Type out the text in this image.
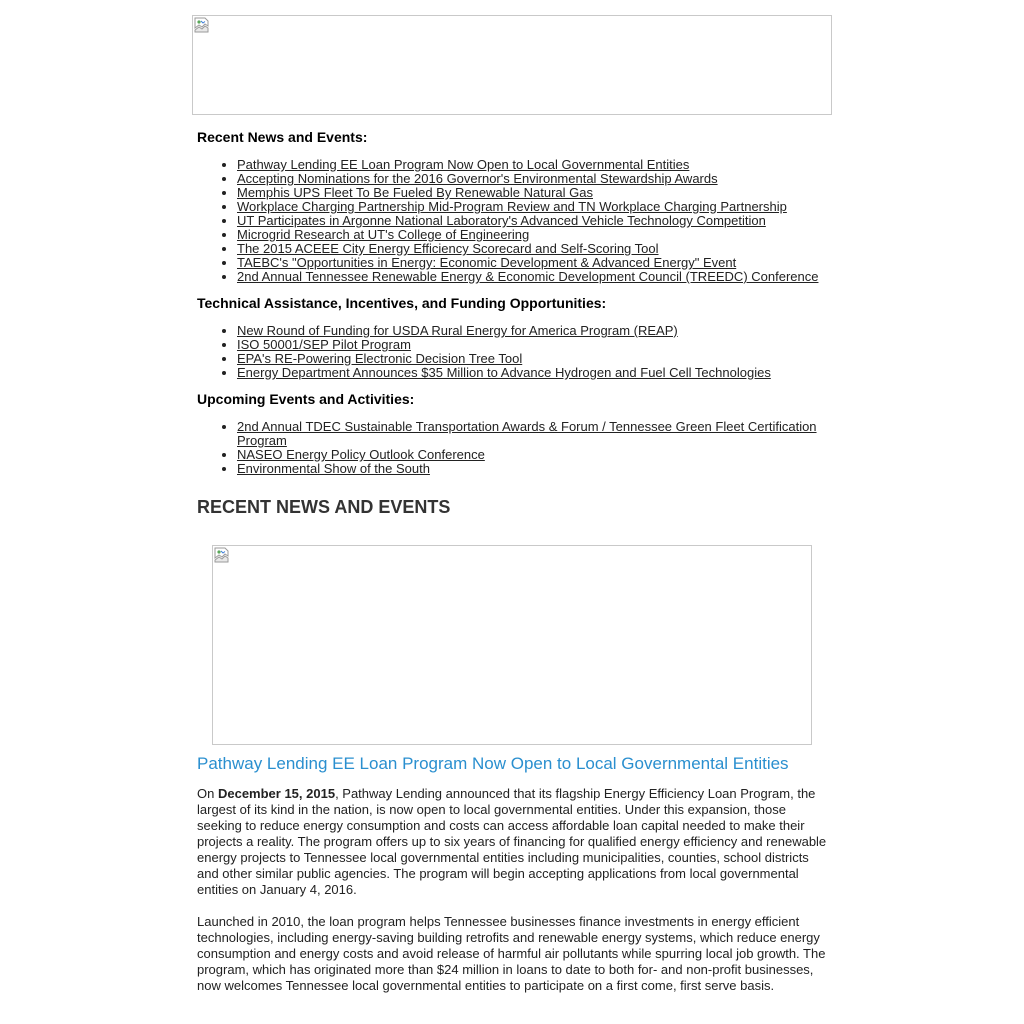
Recent News and Events:
• Pathway Lending EE Loan Program Now Open to Local Governmental Entities
• Accepting Nominations for the 2016 Governor's Environmental Stewardship Awards
• Memphis UPS Fleet To Be Fueled By Renewable Natural Gas
• Workplace Charging Partnership Mid-Program Review and TN Workplace Charging Partnership
• UT Participates in Argonne National Laboratory's Advanced Vehicle Technology Competition
• Microgrid Research at UT's College of Engineering
• The 2015 ACEEE City Energy Efficiency Scorecard and Self-Scoring Tool
• TAEBC's "Opportunities in Energy: Economic Development & Advanced Energy" Event
• 2nd Annual Tennessee Renewable Energy & Economic Development Council (TREEDC) Conference
Technical Assistance, Incentives, and Funding Opportunities:
• New Round of Funding for USDA Rural Energy for America Program (REAP)
• ISO 50001/SEP Pilot Program
• EPA's RE-Powering Electronic Decision Tree Tool
• Energy Department Announces $35 Million to Advance Hydrogen and Fuel Cell Technologies
Upcoming Events and Activities:
• 2nd Annual TDEC Sustainable Transportation Awards & Forum / Tennessee Green Fleet Certification Program
• NASEO Energy Policy Outlook Conference
• Environmental Show of the South
RECENT NEWS AND EVENTS
Pathway Lending EE Loan Program Now Open to Local Governmental Entities

On December 15, 2015, Pathway Lending announced that its flagship Energy Efficiency Loan Program, the largest of its kind in the nation, is now open to local governmental entities. Under this expansion, those seeking to reduce energy consumption and costs can access affordable loan capital needed to make their projects a reality. The program offers up to six years of financing for qualified energy efficiency and renewable energy projects to Tennessee local governmental entities including municipalities, counties, school districts and other similar public agencies. The program will begin accepting applications from local governmental entities on January 4, 2016.

Launched in 2010, the loan program helps Tennessee businesses finance investments in energy efficient technologies, including energy-saving building retrofits and renewable energy systems, which reduce energy consumption and energy costs and avoid release of harmful air pollutants while spurring local job growth. The program, which has originated more than $24 million in loans to date to both for- and non-profit businesses, now welcomes Tennessee local governmental entities to participate on a first come, first serve basis.
